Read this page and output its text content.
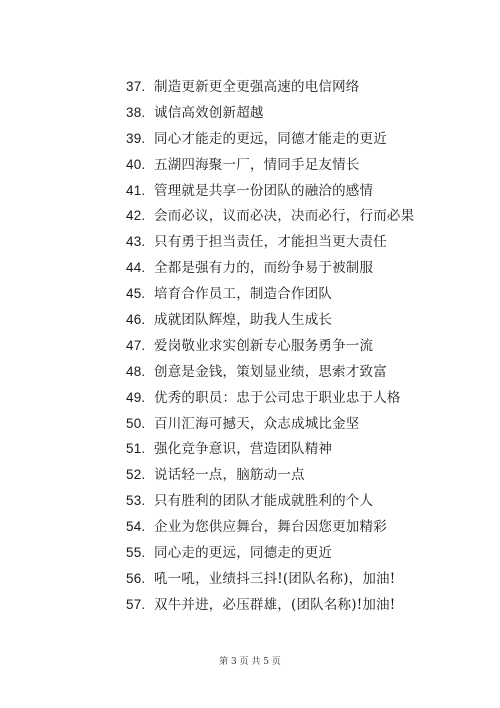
37. 制造更新更全更强高速的电信网络
38. 诚信高效创新超越
39. 同心才能走的更远，同德才能走的更近
40. 五湖四海聚一厂，情同手足友情长
41. 管理就是共享一份团队的融洽的感情
42. 会而必议，议而必决，决而必行，行而必果
43. 只有勇于担当责任，才能担当更大责任
44. 全都是强有力的，而纷争易于被制服
45. 培育合作员工，制造合作团队
46. 成就团队辉煌，助我人生成长
47. 爱岗敬业求实创新专心服务勇争一流
48. 创意是金钱，策划显业绩，思索才致富
49. 优秀的职员：忠于公司忠于职业忠于人格
50. 百川汇海可撼天，众志成城比金坚
51. 强化竞争意识，营造团队精神
52. 说话轻一点，脑筋动一点
53. 只有胜利的团队才能成就胜利的个人
54. 企业为您供应舞台，舞台因您更加精彩
55. 同心走的更远，同德走的更近
56. 吼一吼，业绩抖三抖!(团队名称)，加油!
57. 双牛并进，必压群雄，(团队名称)!加油!
第 3 页 共 5 页
